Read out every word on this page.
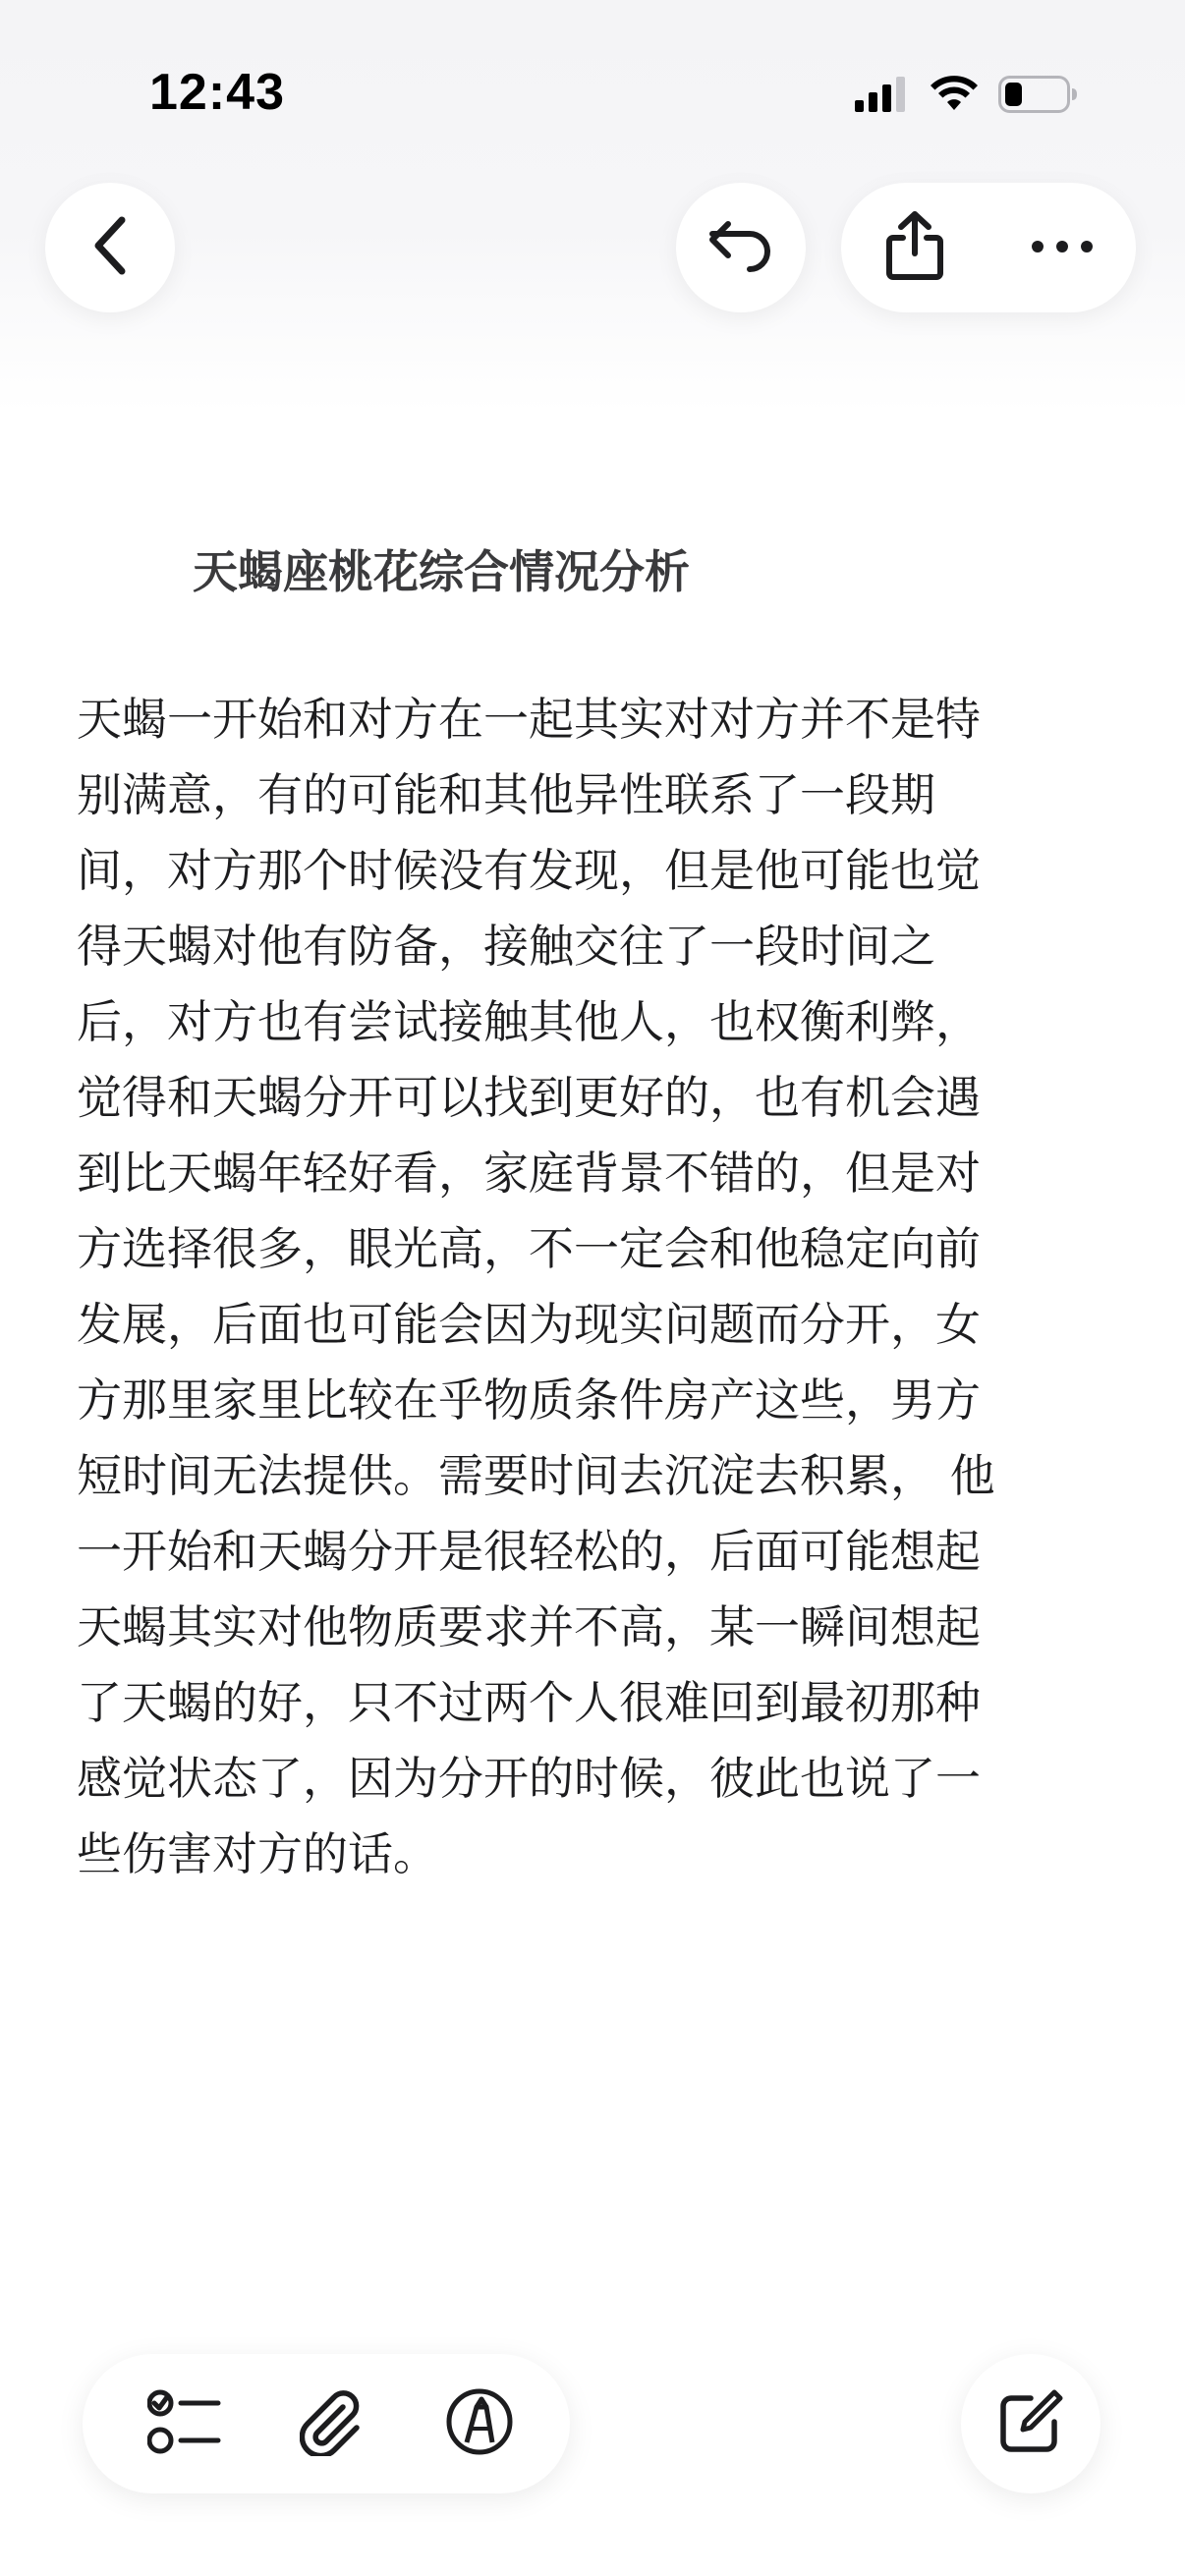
12:43
天蝎座桃花综合情况分析
天蝎一开始和对方在一起其实对对方并不是特
别满意，有的可能和其他异性联系了一段期
间，对方那个时候没有发现，但是他可能也觉
得天蝎对他有防备，接触交往了一段时间之
后，对方也有尝试接触其他人，也权衡利弊，
觉得和天蝎分开可以找到更好的，也有机会遇
到比天蝎年轻好看，家庭背景不错的，但是对
方选择很多，眼光高，不一定会和他稳定向前
发展，后面也可能会因为现实问题而分开，女
方那里家里比较在乎物质条件房产这些，男方
短时间无法提供。需要时间去沉淀去积累， 他
一开始和天蝎分开是很轻松的，后面可能想起
天蝎其实对他物质要求并不高，某一瞬间想起
了天蝎的好，只不过两个人很难回到最初那种
感觉状态了，因为分开的时候，彼此也说了一
些伤害对方的话。
